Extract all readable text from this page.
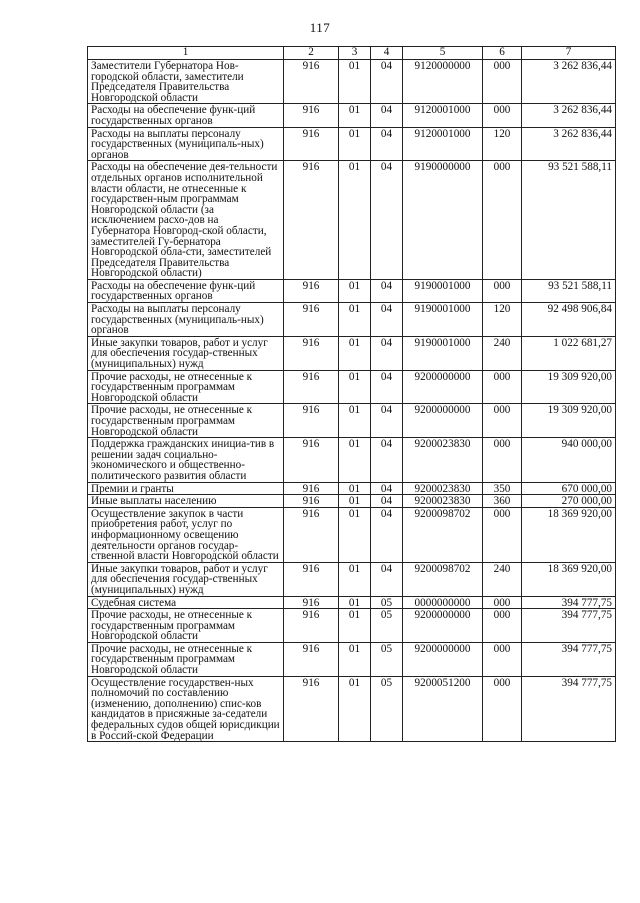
117
1	2	3	4	5	6	7
Заместители Губернатора Нов-городской области, заместители Председателя Правительства Новгородской области	916	01	04	9120000000	000	3 262 836,44
Расходы на обеспечение функ-ций государственных органов	916	01	04	9120001000	000	3 262 836,44
Расходы на выплаты персоналу государственных (муниципаль-ных) органов	916	01	04	9120001000	120	3 262 836,44
Расходы на обеспечение дея-тельности отдельных органов исполнительной власти области, не отнесенные к государствен-ным программам Новгородской области (за исключением расхо-дов на Губернатора Новгород-ской области, заместителей Гу-бернатора Новгородской обла-сти, заместителей Председателя Правительства Новгородской области)	916	01	04	9190000000	000	93 521 588,11
Расходы на обеспечение функ-ций государственных органов	916	01	04	9190001000	000	93 521 588,11
Расходы на выплаты персоналу государственных (муниципаль-ных) органов	916	01	04	9190001000	120	92 498 906,84
Иные закупки товаров, работ и услуг для обеспечения государ-ственных (муниципальных) нужд	916	01	04	9190001000	240	1 022 681,27
Прочие расходы, не отнесенные к государственным программам Новгородской области	916	01	04	9200000000	000	19 309 920,00
Прочие расходы, не отнесенные к государственным программам Новгородской области	916	01	04	9200000000	000	19 309 920,00
Поддержка гражданских инициа-тив в решении задач социально-экономического и общественно-политического развития области	916	01	04	9200023830	000	940 000,00
Премии и гранты	916	01	04	9200023830	350	670 000,00
Иные выплаты населению	916	01	04	9200023830	360	270 000,00
Осуществление закупок в части приобретения работ, услуг по информационному освещению деятельности органов государ-ственной власти Новгородской области	916	01	04	9200098702	000	18 369 920,00
Иные закупки товаров, работ и услуг для обеспечения государ-ственных (муниципальных) нужд	916	01	04	9200098702	240	18 369 920,00
Судебная система	916	01	05	0000000000	000	394 777,75
Прочие расходы, не отнесенные к государственным программам Новгородской области	916	01	05	9200000000	000	394 777,75
Прочие расходы, не отнесенные к государственным программам Новгородской области	916	01	05	9200000000	000	394 777,75
Осуществление государствен-ных полномочий по составлению (изменению, дополнению) спис-ков кандидатов в присяжные за-седатели федеральных судов общей юрисдикции в Россий-ской Федерации	916	01	05	9200051200	000	394 777,75
